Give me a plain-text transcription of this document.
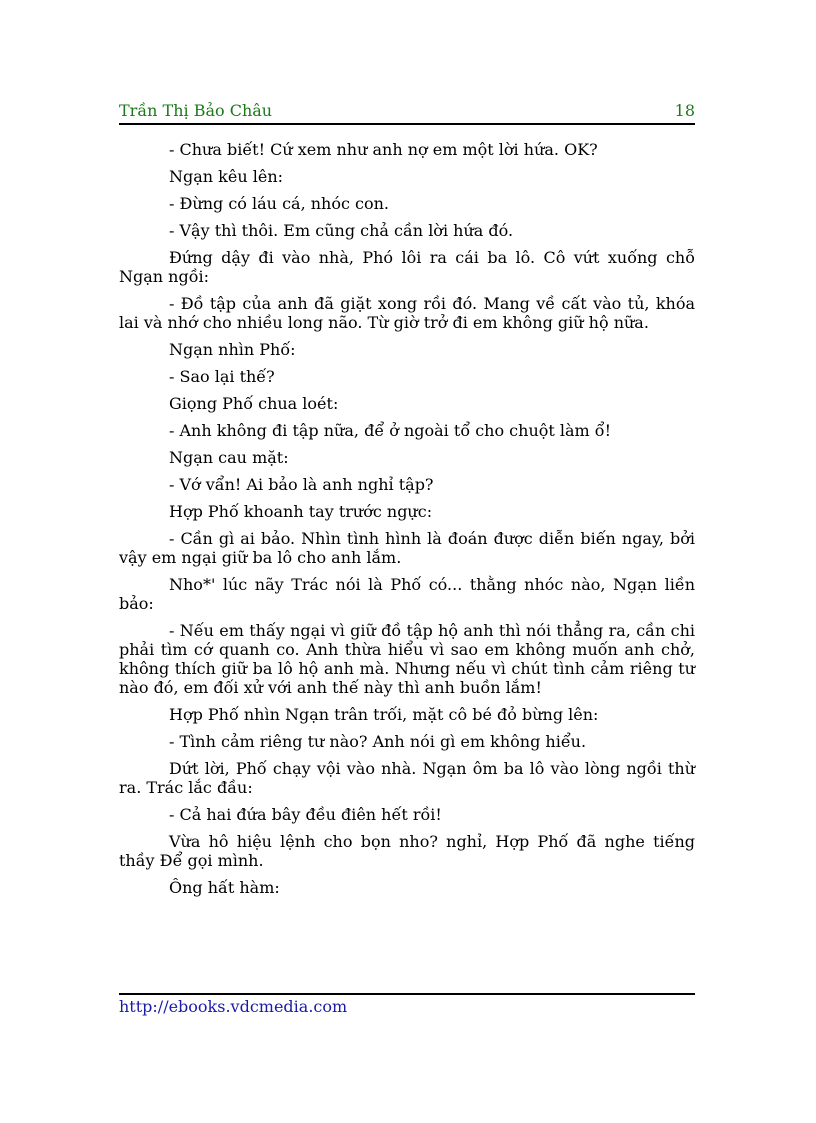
Trần Thị Bảo Châu	18

- Chưa biết! Cứ xem như anh nợ em một lời hứa. OK?

Ngạn kêu lên:

- Đừng có láu cá, nhóc con.

- Vậy thì thôi. Em cũng chả cần lời hứa đó.

Đứng dậy đi vào nhà, Phó lôi ra cái ba lô. Cô vứt xuống chỗ Ngạn ngồi:

- Đồ tập của anh đã giặt xong rồi đó. Mang về cất vào tủ, khóa lai và nhớ cho nhiều long não. Từ giờ trở đi em không giữ hộ nữa.

Ngạn nhìn Phố:

- Sao lại thế?

Giọng Phố chua loét:

- Anh không đi tập nữa, để ở ngoài tổ cho chuột làm ổ!

Ngạn cau mặt:

- Vớ vẩn! Ai bảo là anh nghỉ tập?

Hợp Phố khoanh tay trước ngực:

- Cần gì ai bảo. Nhìn tình hình là đoán được diễn biến ngay, bởi vậy em ngại giữ ba lô cho anh lắm.

Nho*' lúc nãy Trác nói là Phố có... thằng nhóc nào, Ngạn liền bảo:

- Nếu em thấy ngại vì giữ đồ tập hộ anh thì nói thẳng ra, cần chi phải tìm cớ quanh co. Anh thừa hiểu vì sao em không muốn anh chở, không thích giữ ba lô hộ anh mà. Nhưng nếu vì chút tình cảm riêng tư nào đó, em đối xử với anh thế này thì anh buồn lắm!

Hợp Phố nhìn Ngạn trân trối, mặt cô bé đỏ bừng lên:

- Tình cảm riêng tư nào? Anh nói gì em không hiểu.

Dứt lời, Phố chạy vội vào nhà. Ngạn ôm ba lô vào lòng ngồi thừ ra. Trác lắc đầu:

- Cả hai đứa bây đều điên hết rồi!

Vừa hô hiệu lệnh cho bọn nho? nghỉ, Hợp Phố đã nghe tiếng thầy Để gọi mình.

Ông hất hàm:

http://ebooks.vdcmedia.com
